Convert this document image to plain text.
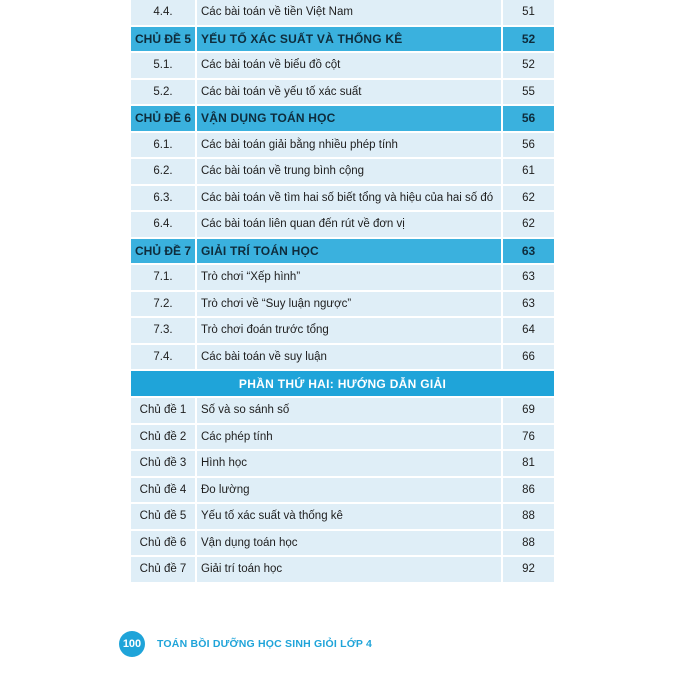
4.4.	Các bài toán về tiền Việt Nam	51
CHỦ ĐỀ 5 YẾU TỐ XÁC SUẤT VÀ THỐNG KÊ	52
5.1.	Các bài toán về biểu đồ cột	52
5.2.	Các bài toán về yếu tố xác suất	55
CHỦ ĐỀ 6 VẬN DỤNG TOÁN HỌC	56
6.1.	Các bài toán giải bằng nhiều phép tính	56
6.2.	Các bài toán về trung bình cộng	61
6.3.	Các bài toán về tìm hai số biết tổng và hiệu của hai số đó	62
6.4.	Các bài toán liên quan đến rút về đơn vị	62
CHỦ ĐỀ 7 GIẢI TRÍ TOÁN HỌC	63
7.1.	Trò chơi “Xếp hình”	63
7.2.	Trò chơi về “Suy luận ngược”	63
7.3.	Trò chơi đoán trước tổng	64
7.4.	Các bài toán về suy luận	66
PHẦN THỨ HAI: HƯỚNG DẪN GIẢI
Chủ đề 1	Số và so sánh số	69
Chủ đề 2	Các phép tính	76
Chủ đề 3	Hình học	81
Chủ đề 4	Đo lường	86
Chủ đề 5	Yếu tố xác suất và thống kê	88
Chủ đề 6	Vận dụng toán học	88
Chủ đề 7	Giải trí toán học	92
100	TOÁN BỒI DƯỠNG HỌC SINH GIỎI LỚP 4
